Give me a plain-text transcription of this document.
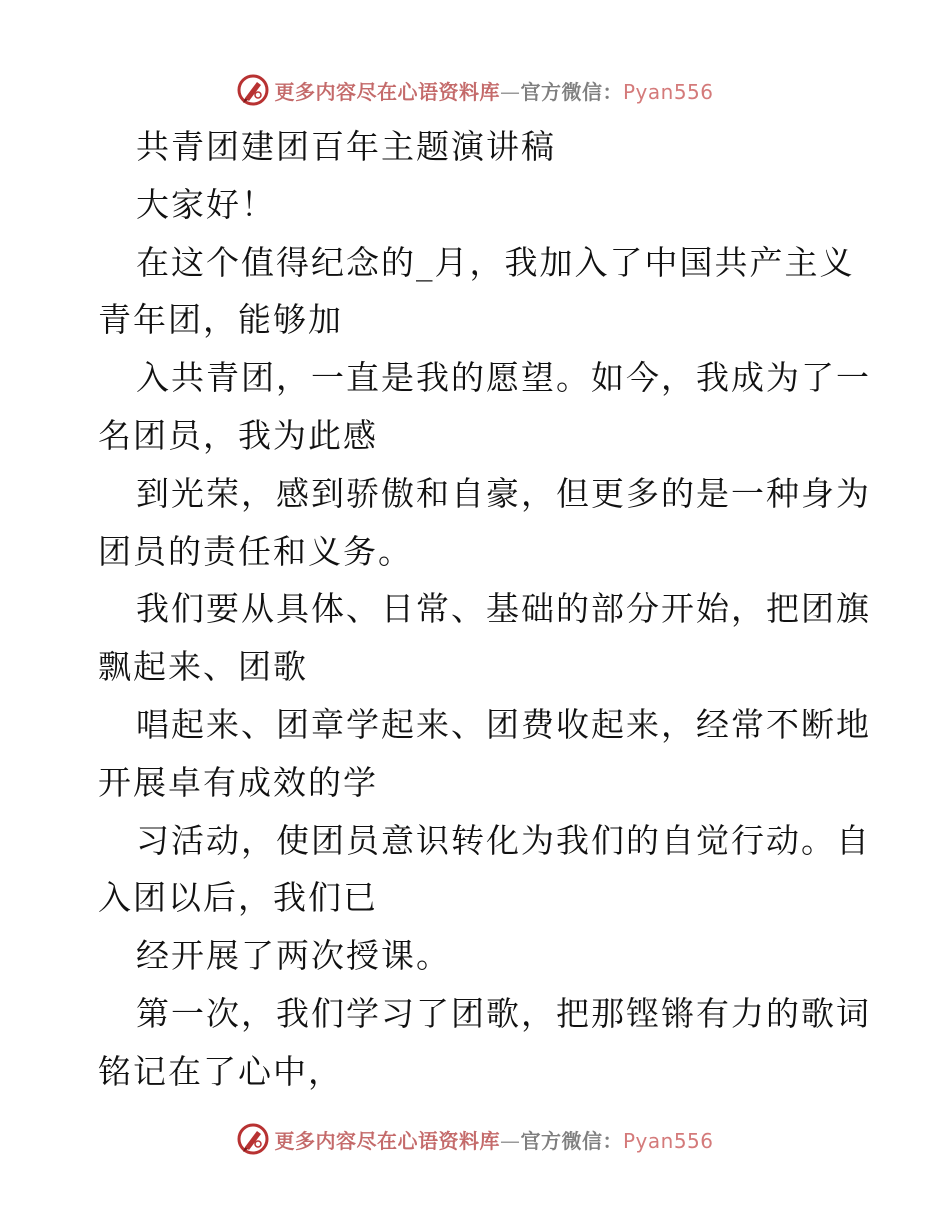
更多内容尽在心语资料库—官方微信：Pyan556
共青团建团百年主题演讲稿
大家好！
在这个值得纪念的_月，我加入了中国共产主义
青年团，能够加
入共青团，一直是我的愿望。如今，我成为了一
名团员，我为此感
到光荣，感到骄傲和自豪，但更多的是一种身为
团员的责任和义务。
我们要从具体、日常、基础的部分开始，把团旗
飘起来、团歌
唱起来、团章学起来、团费收起来，经常不断地
开展卓有成效的学
习活动，使团员意识转化为我们的自觉行动。自
入团以后，我们已
经开展了两次授课。
第一次，我们学习了团歌，把那铿锵有力的歌词
铭记在了心中，
更多内容尽在心语资料库—官方微信：Pyan556
